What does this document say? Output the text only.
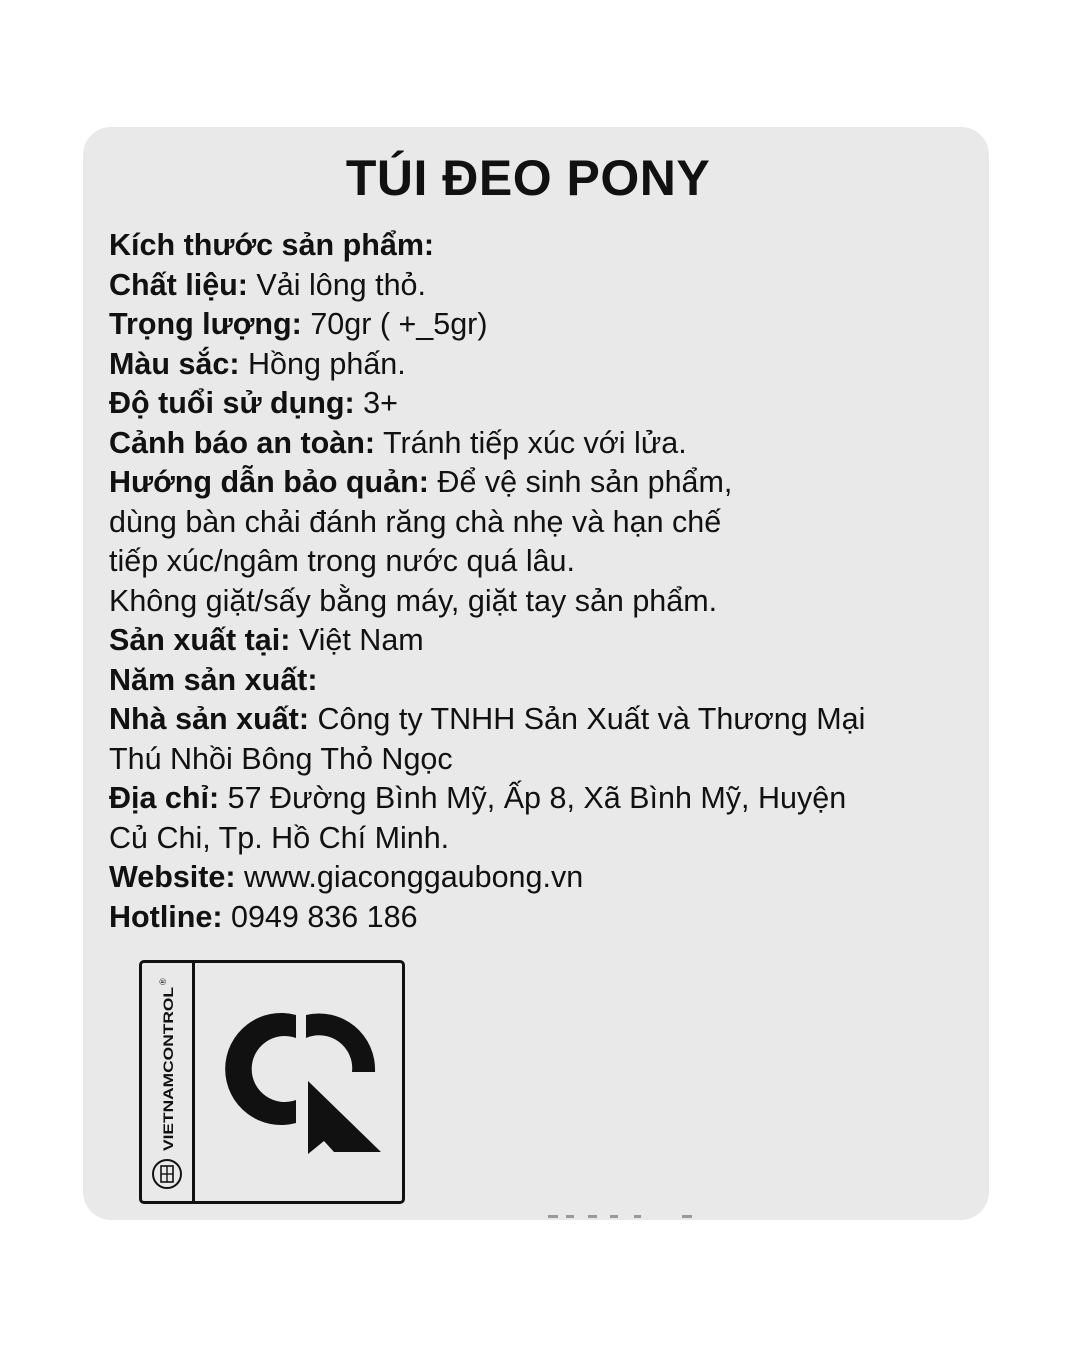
TÚI ĐEO PONY
Kích thước sản phẩm:
Chất liệu: Vải lông thỏ.
Trọng lượng: 70gr ( +_5gr)
Màu sắc: Hồng phấn.
Độ tuổi sử dụng: 3+
Cảnh báo an toàn: Tránh tiếp xúc với lửa.
Hướng dẫn bảo quản: Để vệ sinh sản phẩm,
dùng bàn chải đánh răng chà nhẹ và hạn chế
tiếp xúc/ngâm trong nước quá lâu.
Không giặt/sấy bằng máy, giặt tay sản phẩm.
Sản xuất tại: Việt Nam
Năm sản xuất:
Nhà sản xuất: Công ty TNHH Sản Xuất và Thương Mại
Thú Nhồi Bông Thỏ Ngọc
Địa chỉ: 57 Đường Bình Mỹ, Ấp 8, Xã Bình Mỹ, Huyện
Củ Chi, Tp. Hồ Chí Minh.
Website: www.giaconggaubong.vn
Hotline: 0949 836 186
VIETNAMCONTROL
®
